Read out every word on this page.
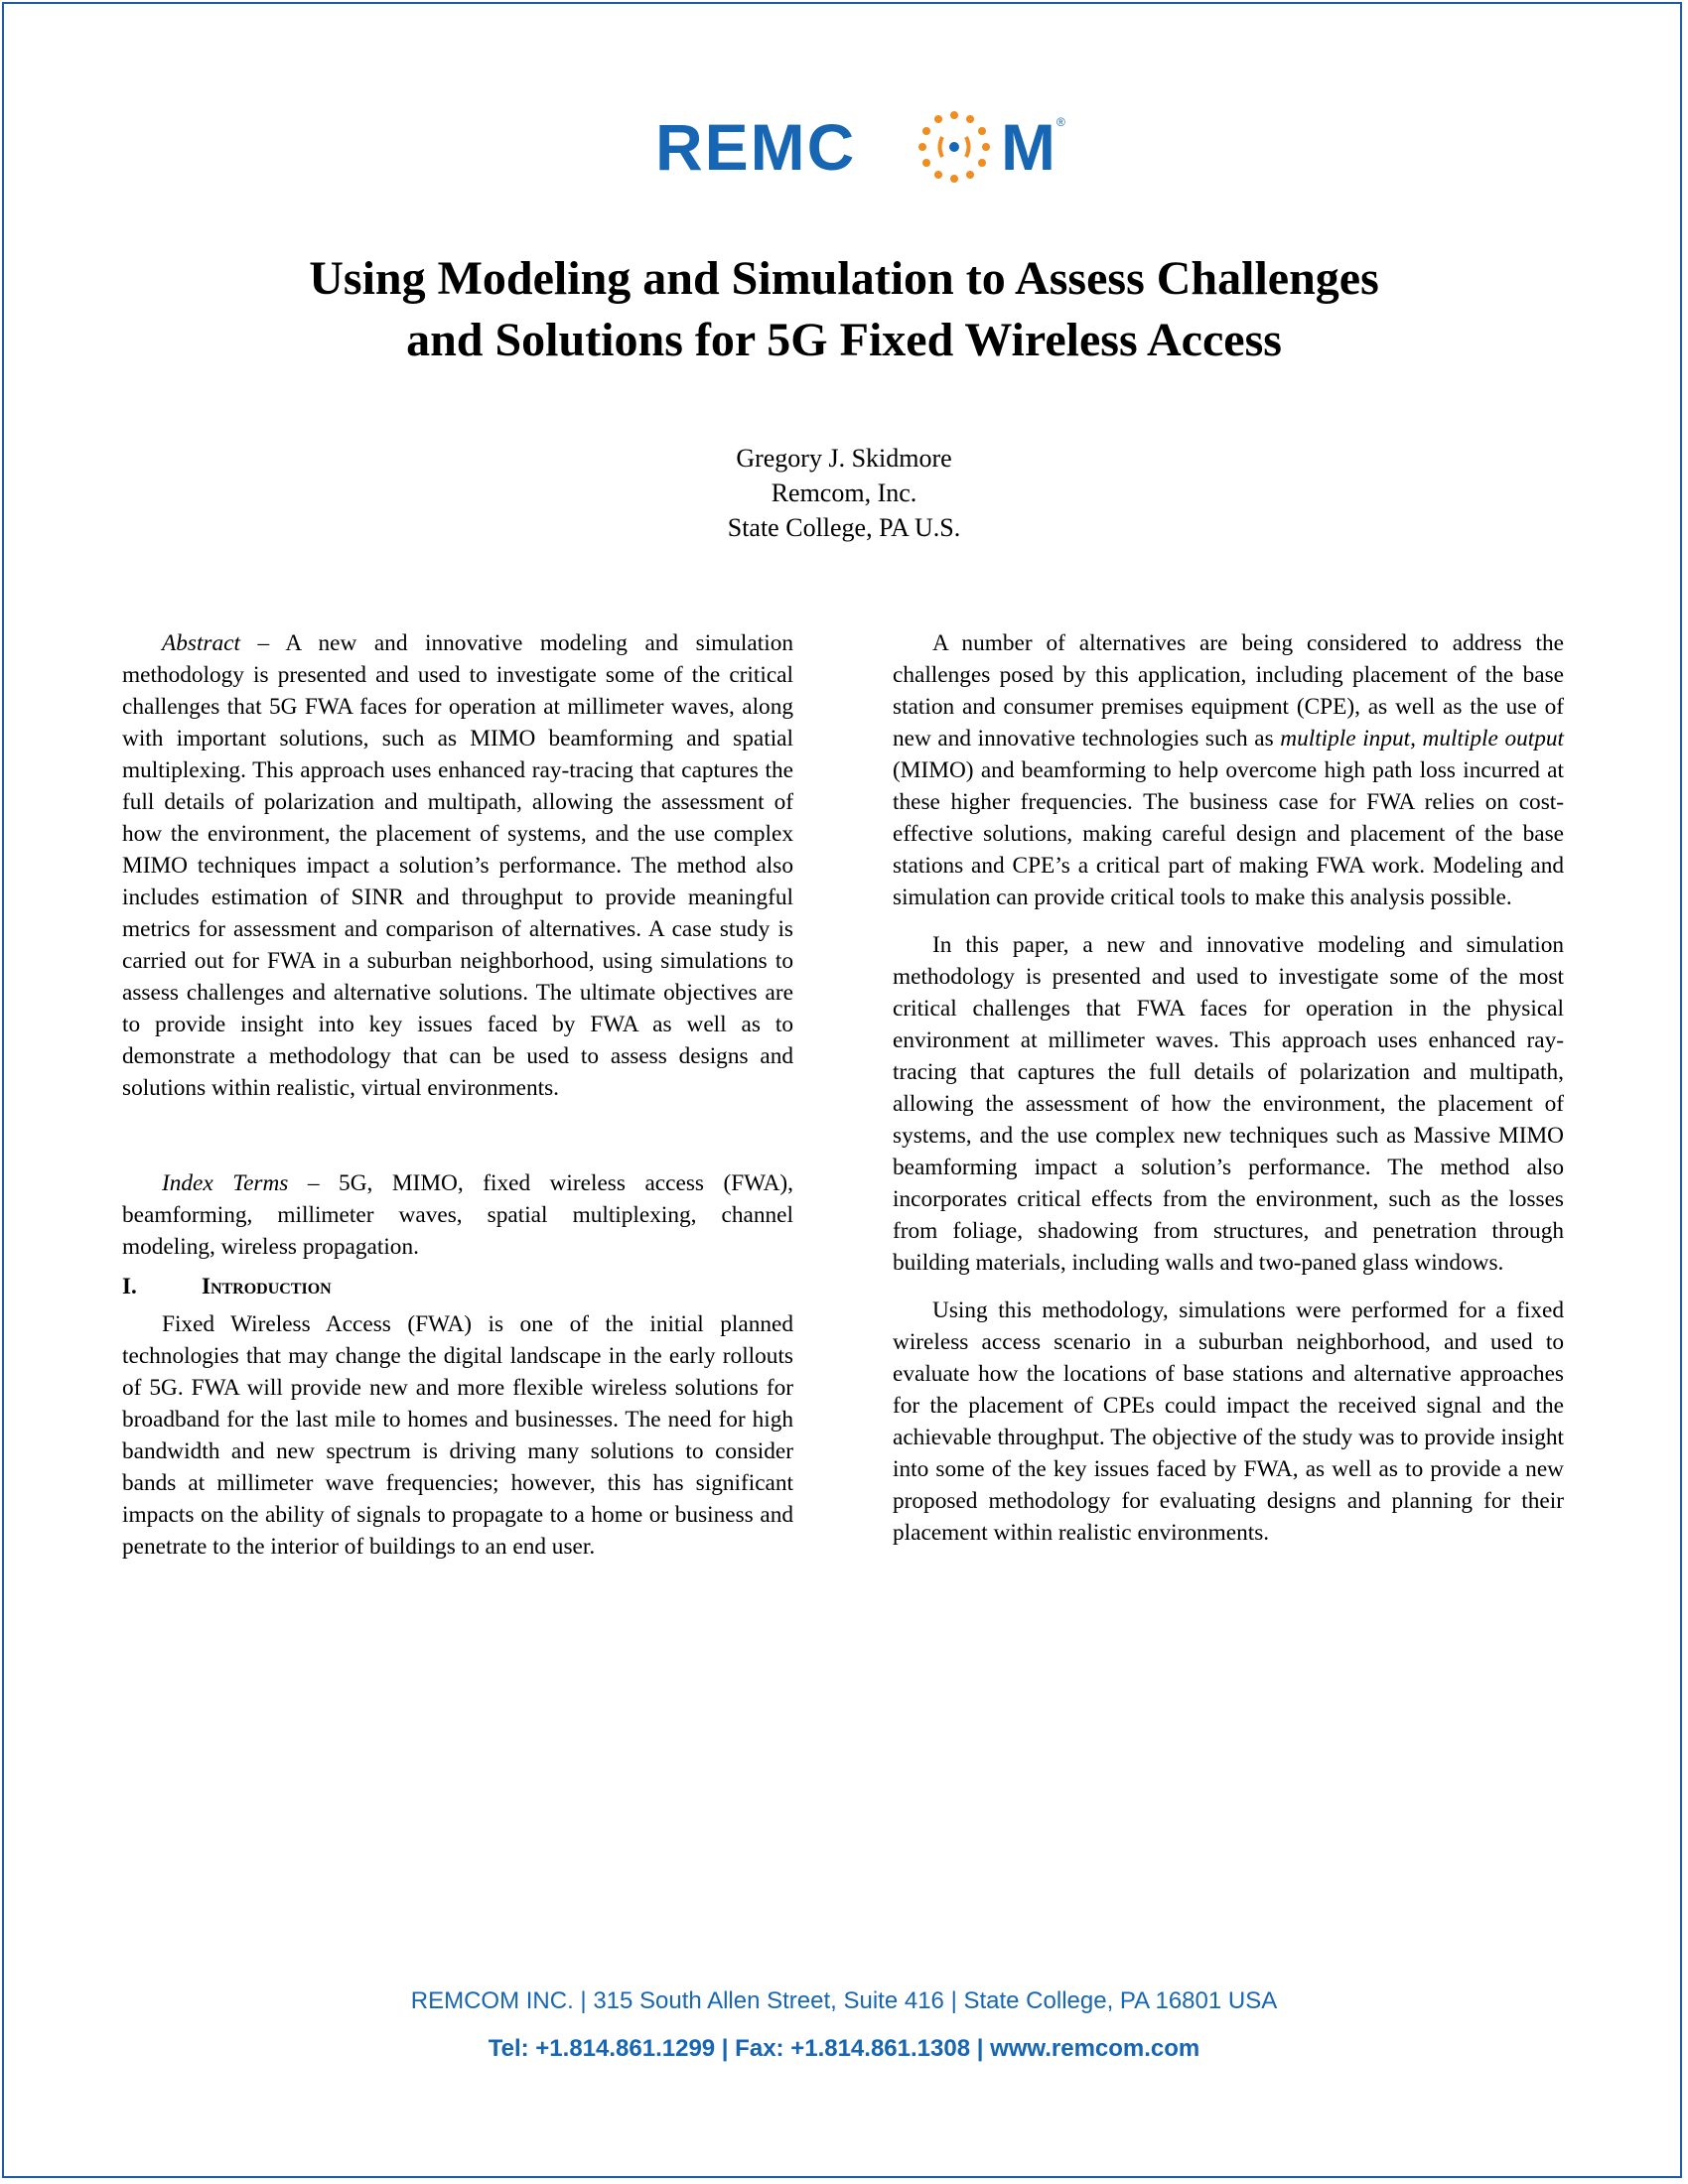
REMC M ®
Using Modeling and Simulation to Assess Challenges
and Solutions for 5G Fixed Wireless Access
Gregory J. Skidmore
Remcom, Inc.
State College, PA U.S.

Abstract – A new and innovative modeling and simulation methodology is presented and used to investigate some of the critical challenges that 5G FWA faces for operation at millimeter waves, along with important solutions, such as MIMO beamforming and spatial multiplexing. This approach uses enhanced ray-tracing that captures the full details of polarization and multipath, allowing the assessment of how the environment, the placement of systems, and the use complex MIMO techniques impact a solution’s performance. The method also includes estimation of SINR and throughput to provide meaningful metrics for assessment and comparison of alternatives. A case study is carried out for FWA in a suburban neighborhood, using simulations to assess challenges and alternative solutions. The ultimate objectives are to provide insight into key issues faced by FWA as well as to demonstrate a methodology that can be used to assess designs and solutions within realistic, virtual environments.

Index Terms – 5G, MIMO, fixed wireless access (FWA), beamforming, millimeter waves, spatial multiplexing, channel modeling, wireless propagation.

I.	Introduction

Fixed Wireless Access (FWA) is one of the initial planned technologies that may change the digital landscape in the early rollouts of 5G. FWA will provide new and more flexible wireless solutions for broadband for the last mile to homes and businesses. The need for high bandwidth and new spectrum is driving many solutions to consider bands at millimeter wave frequencies; however, this has significant impacts on the ability of signals to propagate to a home or business and penetrate to the interior of buildings to an end user.

A number of alternatives are being considered to address the challenges posed by this application, including placement of the base station and consumer premises equipment (CPE), as well as the use of new and innovative technologies such as multiple input, multiple output (MIMO) and beamforming to help overcome high path loss incurred at these higher frequencies. The business case for FWA relies on cost-effective solutions, making careful design and placement of the base stations and CPE’s a critical part of making FWA work. Modeling and simulation can provide critical tools to make this analysis possible.

In this paper, a new and innovative modeling and simulation methodology is presented and used to investigate some of the most critical challenges that FWA faces for operation in the physical environment at millimeter waves. This approach uses enhanced ray-tracing that captures the full details of polarization and multipath, allowing the assessment of how the environment, the placement of systems, and the use complex new techniques such as Massive MIMO beamforming impact a solution’s performance. The method also incorporates critical effects from the environment, such as the losses from foliage, shadowing from structures, and penetration through building materials, including walls and two-paned glass windows.

Using this methodology, simulations were performed for a fixed wireless access scenario in a suburban neighborhood, and used to evaluate how the locations of base stations and alternative approaches for the placement of CPEs could impact the received signal and the achievable throughput. The objective of the study was to provide insight into some of the key issues faced by FWA, as well as to provide a new proposed methodology for evaluating designs and planning for their placement within realistic environments.

REMCOM INC. | 315 South Allen Street, Suite 416 | State College, PA 16801 USA
Tel: +1.814.861.1299 | Fax: +1.814.861.1308 | www.remcom.com
